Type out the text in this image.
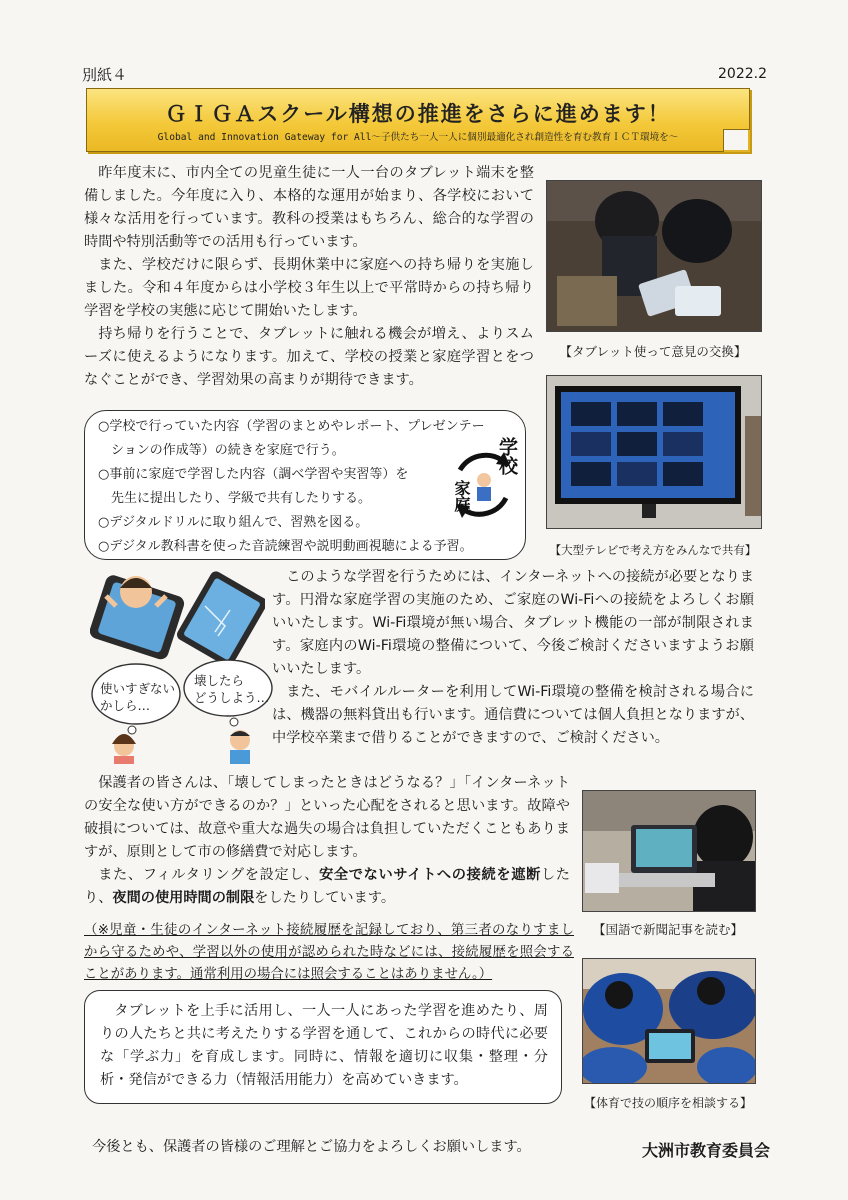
別紙４	2022.2
ＧＩＧＡスクール構想の推進をさらに進めます！
Global and Innovation Gateway for All～子供たち一人一人に個別最適化され創造性を育む教育ＩＣＴ環境を～

昨年度末に、市内全ての児童生徒に一人一台のタブレット端末を整備しました。今年度に入り、本格的な運用が始まり、各学校において様々な活用を行っています。教科の授業はもちろん、総合的な学習の時間や特別活動等での活用も行っています。

また、学校だけに限らず、長期休業中に家庭への持ち帰りを実施しました。令和４年度からは小学校３年生以上で平常時からの持ち帰り学習を学校の実態に応じて開始いたします。

持ち帰りを行うことで、タブレットに触れる機会が増え、よりスムーズに使えるようになります。加えて、学校の授業と家庭学習とをつなぐことができ、学習効果の高まりが期待できます。

【タブレット使って意見の交換】
【大型テレビで考え方をみんなで共有】
○学校で行っていた内容（学習のまとめやレポート、プレゼンテー
　ションの作成等）の続きを家庭で行う。
○事前に家庭で学習した内容（調べ学習や実習等）を
　先生に提出したり、学級で共有したりする。
○デジタルドリルに取り組んで、習熟を図る。
○デジタル教科書を使った音読練習や説明動画視聴による予習。
学校
家庭
使いすぎない
かしら…
壊したら
どうしよう…

このような学習を行うためには、インターネットへの接続が必要となります。円滑な家庭学習の実施のため、ご家庭のWi-Fiへの接続をよろしくお願いいたします。Wi-Fi環境が無い場合、タブレット機能の一部が制限されます。家庭内のWi-Fi環境の整備について、今後ご検討くださいますようお願いいたします。

また、モバイルルーターを利用してWi-Fi環境の整備を検討される場合には、機器の無料貸出も行います。通信費については個人負担となりますが、中学校卒業まで借りることができますので、ご検討ください。

保護者の皆さんは、「壊してしまったときはどうなる？」「インターネットの安全な使い方ができるのか？」といった心配をされると思います。故障や破損については、故意や重大な過失の場合は負担していただくこともありますが、原則として市の修繕費で対応します。

また、フィルタリングを設定し、安全でないサイトへの接続を遮断したり、夜間の使用時間の制限をしたりしています。

（※児童・生徒のインターネット接続履歴を記録しており、第三者のなりすましから守るためや、学習以外の使用が認められた時などには、接続履歴を照会することがあります。通常利用の場合には照会することはありません。）
【国語で新聞記事を読む】

タブレットを上手に活用し、一人一人にあった学習を進めたり、周りの人たちと共に考えたりする学習を通して、これからの時代に必要な「学ぶ力」を育成します。同時に、情報を適切に収集・整理・分析・発信ができる力（情報活用能力）を高めていきます。

【体育で技の順序を相談する】
今後とも、保護者の皆様のご理解とご協力をよろしくお願いします。	大洲市教育委員会
